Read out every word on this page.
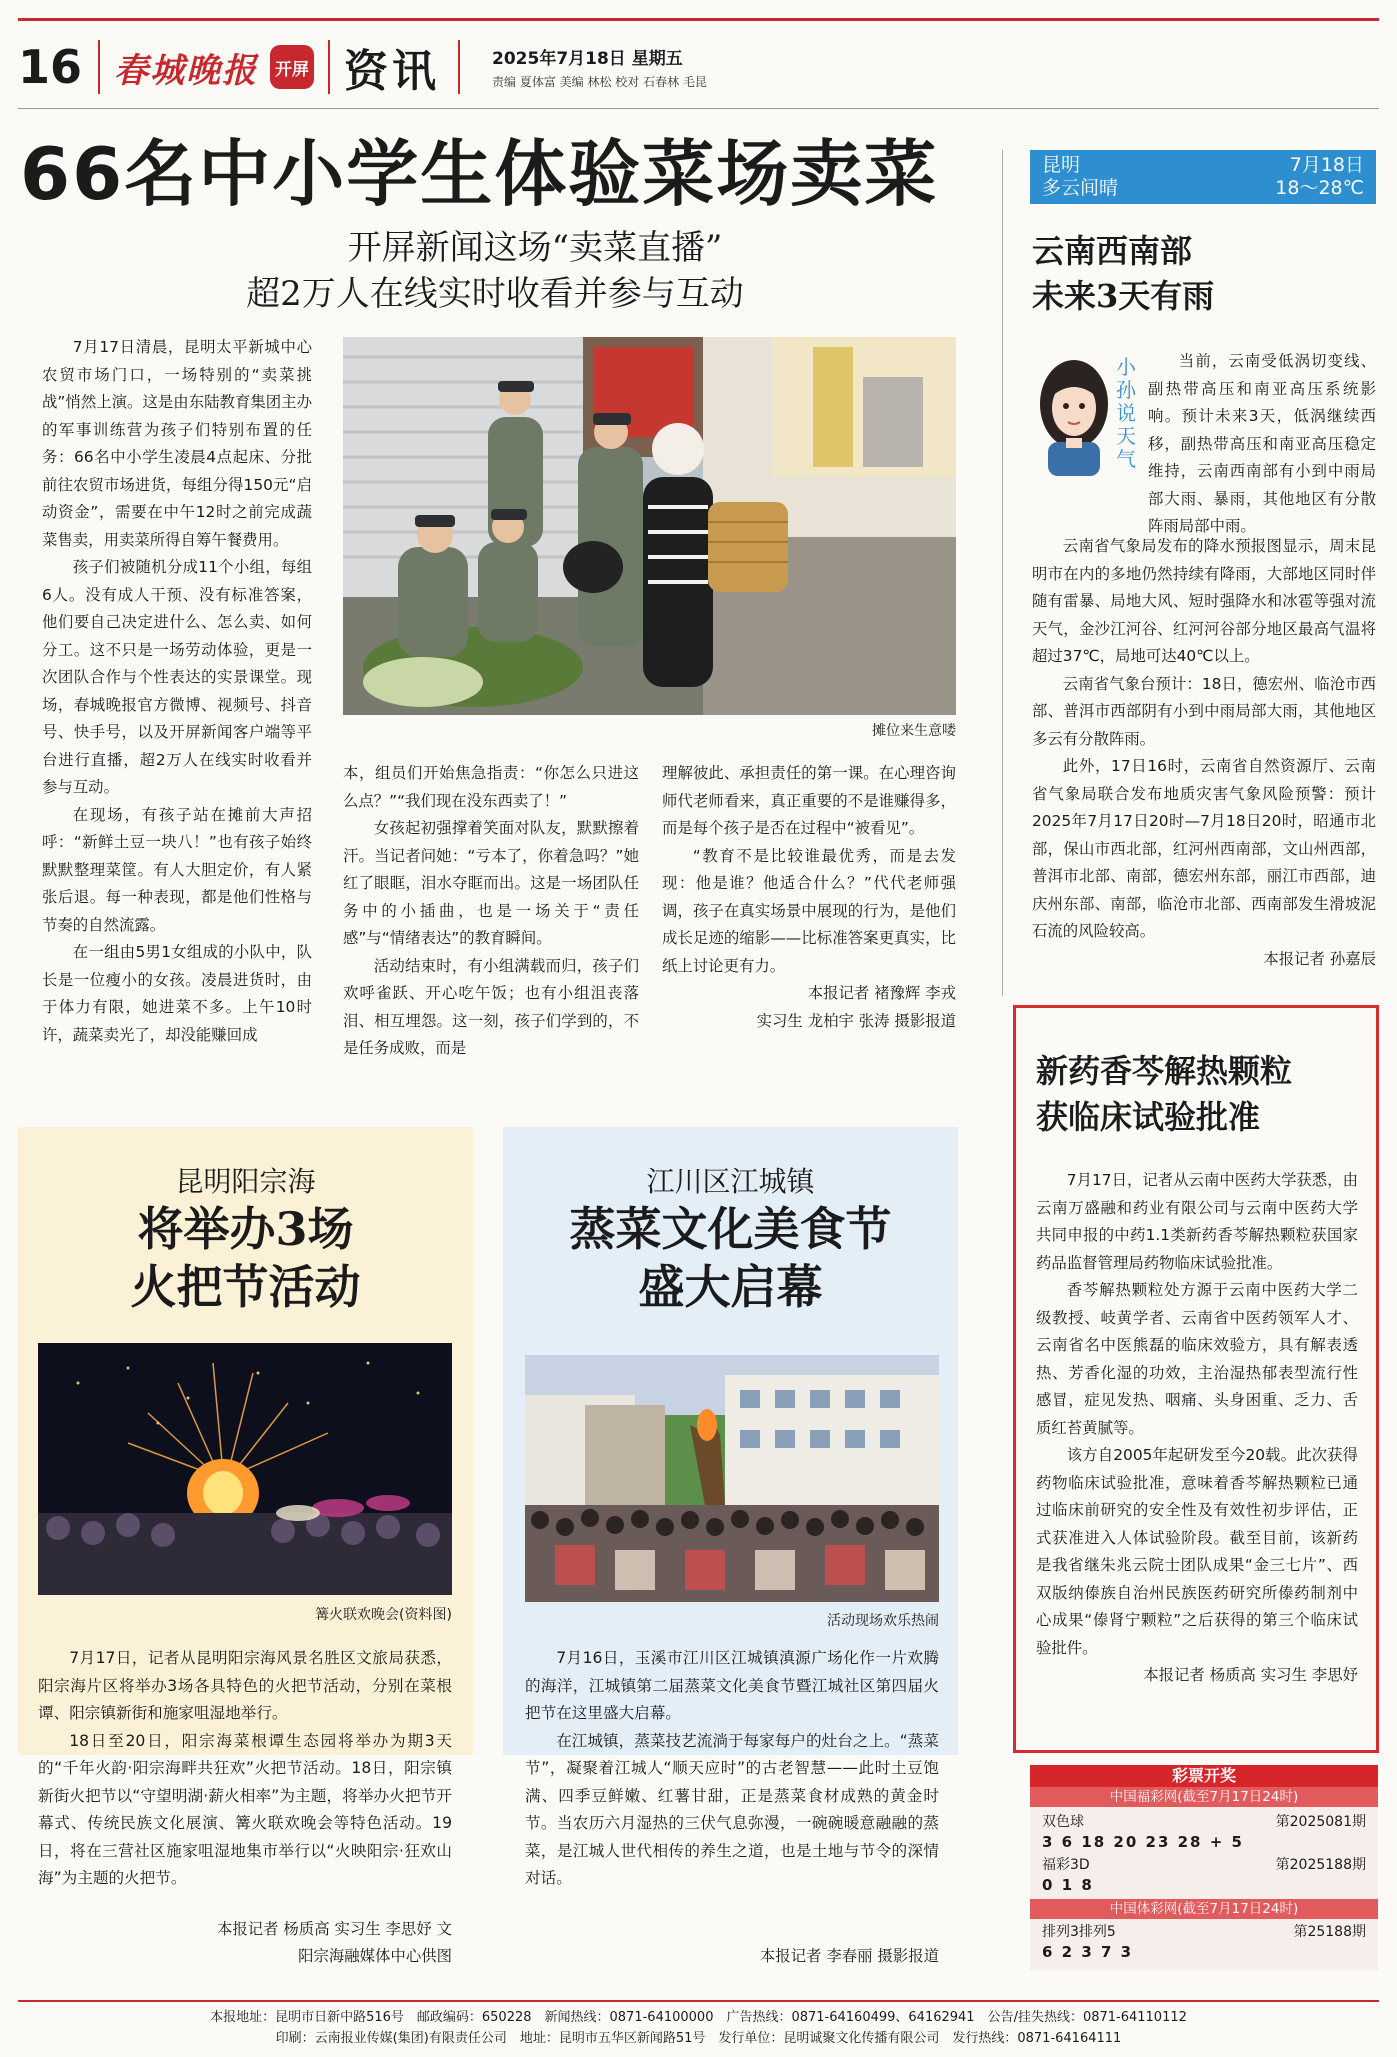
16 春城晚报 开屏 资讯	2025年7月18日 星期五
责编 夏体富 美编 林松 校对 石春林 毛昆
66名中小学生体验菜场卖菜
开屏新闻这场“卖菜直播”
超2万人在线实时收看并参与互动

7月17日清晨，昆明太平新城中心农贸市场门口，一场特别的“卖菜挑战”悄然上演。这是由东陆教育集团主办的军事训练营为孩子们特别布置的任务：66名中小学生凌晨4点起床、分批前往农贸市场进货，每组分得150元“启动资金”，需要在中午12时之前完成蔬菜售卖，用卖菜所得自筹午餐费用。

孩子们被随机分成11个小组，每组6人。没有成人干预、没有标准答案，他们要自己决定进什么、怎么卖、如何分工。这不只是一场劳动体验，更是一次团队合作与个性表达的实景课堂。现场，春城晚报官方微博、视频号、抖音号、快手号，以及开屏新闻客户端等平台进行直播，超2万人在线实时收看并参与互动。

在现场，有孩子站在摊前大声招呼：“新鲜土豆一块八！”也有孩子始终默默整理菜筐。有人大胆定价，有人紧张后退。每一种表现，都是他们性格与节奏的自然流露。

在一组由5男1女组成的小队中，队长是一位瘦小的女孩。凌晨进货时，由于体力有限，她进菜不多。上午10时许，蔬菜卖光了，却没能赚回成

摊位来生意喽

本，组员们开始焦急指责：“你怎么只进这么点？”“我们现在没东西卖了！”

女孩起初强撑着笑面对队友，默默擦着汗。当记者问她：“亏本了，你着急吗？”她红了眼眶，泪水夺眶而出。这是一场团队任务中的小插曲，也是一场关于“责任感”与“情绪表达”的教育瞬间。

活动结束时，有小组满载而归，孩子们欢呼雀跃、开心吃午饭；也有小组沮丧落泪、相互埋怨。这一刻，孩子们学到的，不是任务成败，而是

理解彼此、承担责任的第一课。在心理咨询师代老师看来，真正重要的不是谁赚得多，而是每个孩子是否在过程中“被看见”。

“教育不是比较谁最优秀，而是去发现：他是谁？他适合什么？”代代老师强调，孩子在真实场景中展现的行为，是他们成长足迹的缩影——比标准答案更真实，比纸上讨论更有力。

本报记者 褚豫辉 李戎
实习生 龙柏宇 张涛 摄影报道
昆明	7月18日
多云间晴	18～28℃
云南西南部
未来3天有雨
小孙说天气

当前，云南受低涡切变线、副热带高压和南亚高压系统影响。预计未来3天，低涡继续西移，副热带高压和南亚高压稳定维持，云南西南部有小到中雨局部大雨、暴雨，其他地区有分散阵雨局部中雨。

云南省气象局发布的降水预报图显示，周末昆明市在内的多地仍然持续有降雨，大部地区同时伴随有雷暴、局地大风、短时强降水和冰雹等强对流天气，金沙江河谷、红河河谷部分地区最高气温将超过37℃，局地可达40℃以上。

云南省气象台预计：18日，德宏州、临沧市西部、普洱市西部阴有小到中雨局部大雨，其他地区多云有分散阵雨。

此外，17日16时，云南省自然资源厅、云南省气象局联合发布地质灾害气象风险预警：预计2025年7月17日20时—7月18日20时，昭通市北部，保山市西北部，红河州西南部，文山州西部，普洱市北部、南部，德宏州东部，丽江市西部，迪庆州东部、南部，临沧市北部、西南部发生滑坡泥石流的风险较高。

本报记者 孙嘉辰
新药香芩解热颗粒
获临床试验批准

7月17日，记者从云南中医药大学获悉，由云南万盛融和药业有限公司与云南中医药大学共同申报的中药1.1类新药香芩解热颗粒获国家药品监督管理局药物临床试验批准。

香芩解热颗粒处方源于云南中医药大学二级教授、岐黄学者、云南省中医药领军人才、云南省名中医熊磊的临床效验方，具有解表透热、芳香化湿的功效，主治湿热郁表型流行性感冒，症见发热、咽痛、头身困重、乏力、舌质红苔黄腻等。

该方自2005年起研发至今20载。此次获得药物临床试验批准，意味着香芩解热颗粒已通过临床前研究的安全性及有效性初步评估，正式获准进入人体试验阶段。截至目前，该新药是我省继朱兆云院士团队成果“金三七片”、西双版纳傣族自治州民族医药研究所傣药制剂中心成果“傣肾宁颗粒”之后获得的第三个临床试验批件。

本报记者 杨质高 实习生 李思妤
昆明阳宗海
将举办3场
火把节活动
篝火联欢晚会(资料图)

7月17日，记者从昆明阳宗海风景名胜区文旅局获悉，阳宗海片区将举办3场各具特色的火把节活动，分别在菜根谭、阳宗镇新街和施家咀湿地举行。

18日至20日，阳宗海菜根谭生态园将举办为期3天的“千年火韵·阳宗海畔共狂欢”火把节活动。18日，阳宗镇新街火把节以“守望明湖·薪火相率”为主题，将举办火把节开幕式、传统民族文化展演、篝火联欢晚会等特色活动。19日，将在三营社区施家咀湿地集市举行以“火映阳宗·狂欢山海”为主题的火把节。

本报记者 杨质高 实习生 李思妤 文
阳宗海融媒体中心供图
江川区江城镇
蒸菜文化美食节
盛大启幕
活动现场欢乐热闹

7月16日，玉溪市江川区江城镇滇源广场化作一片欢腾的海洋，江城镇第二届蒸菜文化美食节暨江城社区第四届火把节在这里盛大启幕。

在江城镇，蒸菜技艺流淌于每家每户的灶台之上。“蒸菜节”，凝聚着江城人“顺天应时”的古老智慧——此时土豆饱满、四季豆鲜嫩、红薯甘甜，正是蒸菜食材成熟的黄金时节。当农历六月湿热的三伏气息弥漫，一碗碗暖意融融的蒸菜，是江城人世代相传的养生之道，也是土地与节令的深情对话。

本报记者 李春丽 摄影报道
彩票开奖
中国福彩网(截至7月17日24时)
双色球	第2025081期
3 6 18 20 23 28 + 5
福彩3D	第2025188期
0 1 8
中国体彩网(截至7月17日24时)
排列3排列5	第25188期
6 2 3 7 3
本报地址：昆明市日新中路516号　邮政编码：650228　新闻热线：0871-64100000　广告热线：0871-64160499、64162941　公告/挂失热线：0871-64110112
印刷：云南报业传媒(集团)有限责任公司　地址：昆明市五华区新闻路51号　发行单位：昆明诚聚文化传播有限公司　发行热线：0871-64164111
